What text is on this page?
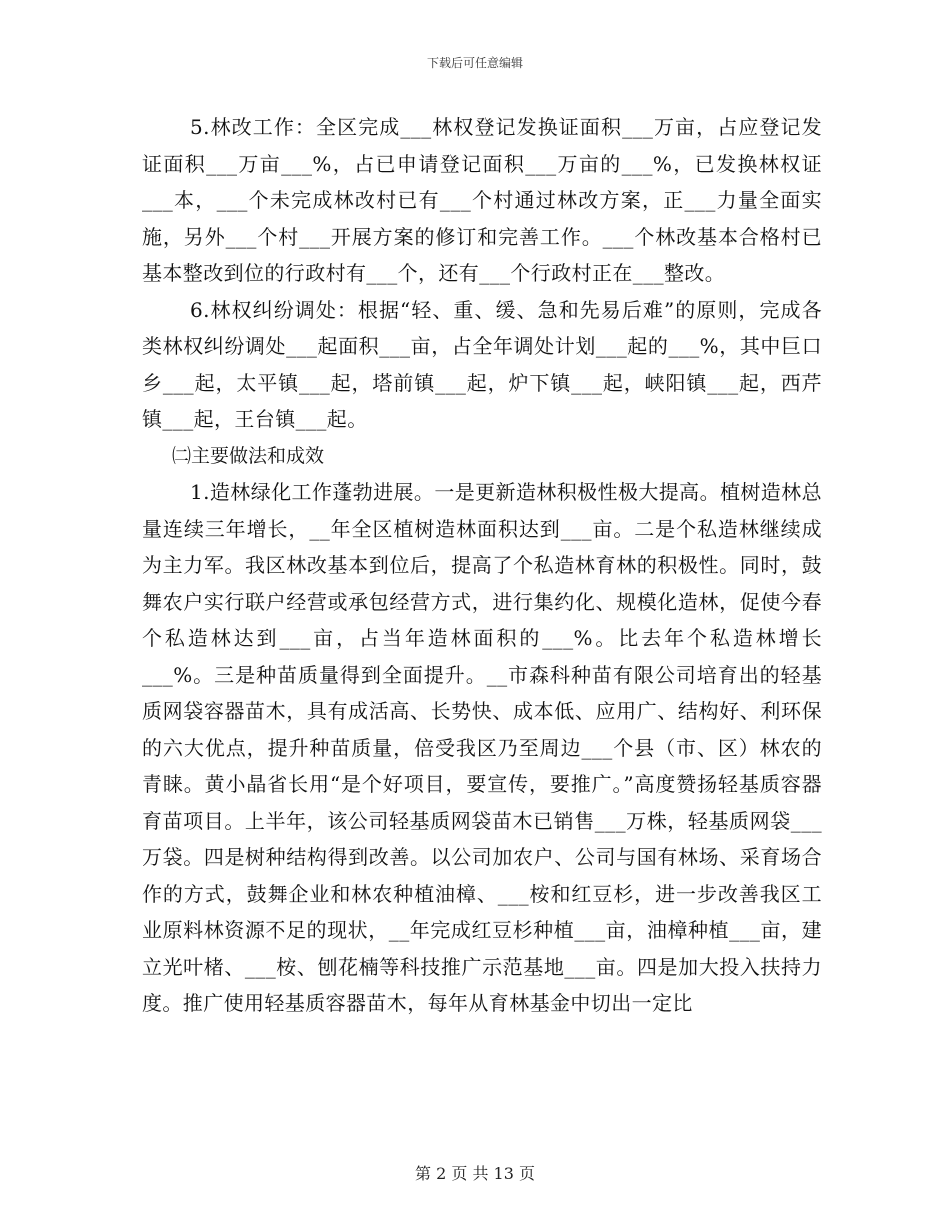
下载后可任意编辑

5.林改工作：全区完成___林权登记发换证面积___万亩，占应登记发证面积___万亩___%，占已申请登记面积___万亩的___%，已发换林权证___本，___个未完成林改村已有___个村通过林改方案，正___力量全面实施，另外___个村___开展方案的修订和完善工作。___个林改基本合格村已基本整改到位的行政村有___个，还有___个行政村正在___整改。

6.林权纠纷调处：根据“轻、重、缓、急和先易后难”的原则，完成各类林权纠纷调处___起面积___亩，占全年调处计划___起的___%，其中巨口乡___起，太平镇___起，塔前镇___起，炉下镇___起，峡阳镇___起，西芹镇___起，王台镇___起。

㈡主要做法和成效

1.造林绿化工作蓬勃进展。一是更新造林积极性极大提高。植树造林总量连续三年增长，__年全区植树造林面积达到___亩。二是个私造林继续成为主力军。我区林改基本到位后，提高了个私造林育林的积极性。同时，鼓舞农户实行联户经营或承包经营方式，进行集约化、规模化造林，促使今春个私造林达到___亩，占当年造林面积的___%。比去年个私造林增长___%。三是种苗质量得到全面提升。__市森科种苗有限公司培育出的轻基质网袋容器苗木，具有成活高、长势快、成本低、应用广、结构好、利环保的六大优点，提升种苗质量，倍受我区乃至周边___个县（市、区）林农的青睐。黄小晶省长用“是个好项目，要宣传，要推广。”高度赞扬轻基质容器育苗项目。上半年，该公司轻基质网袋苗木已销售___万株，轻基质网袋___万袋。四是树种结构得到改善。以公司加农户、公司与国有林场、采育场合作的方式，鼓舞企业和林农种植油樟、___桉和红豆杉，进一步改善我区工业原料林资源不足的现状，__年完成红豆杉种植___亩，油樟种植___亩，建立光叶楮、___桉、刨花楠等科技推广示范基地___亩。四是加大投入扶持力度。推广使用轻基质容器苗木，每年从育林基金中切出一定比

第 2 页 共 13 页
